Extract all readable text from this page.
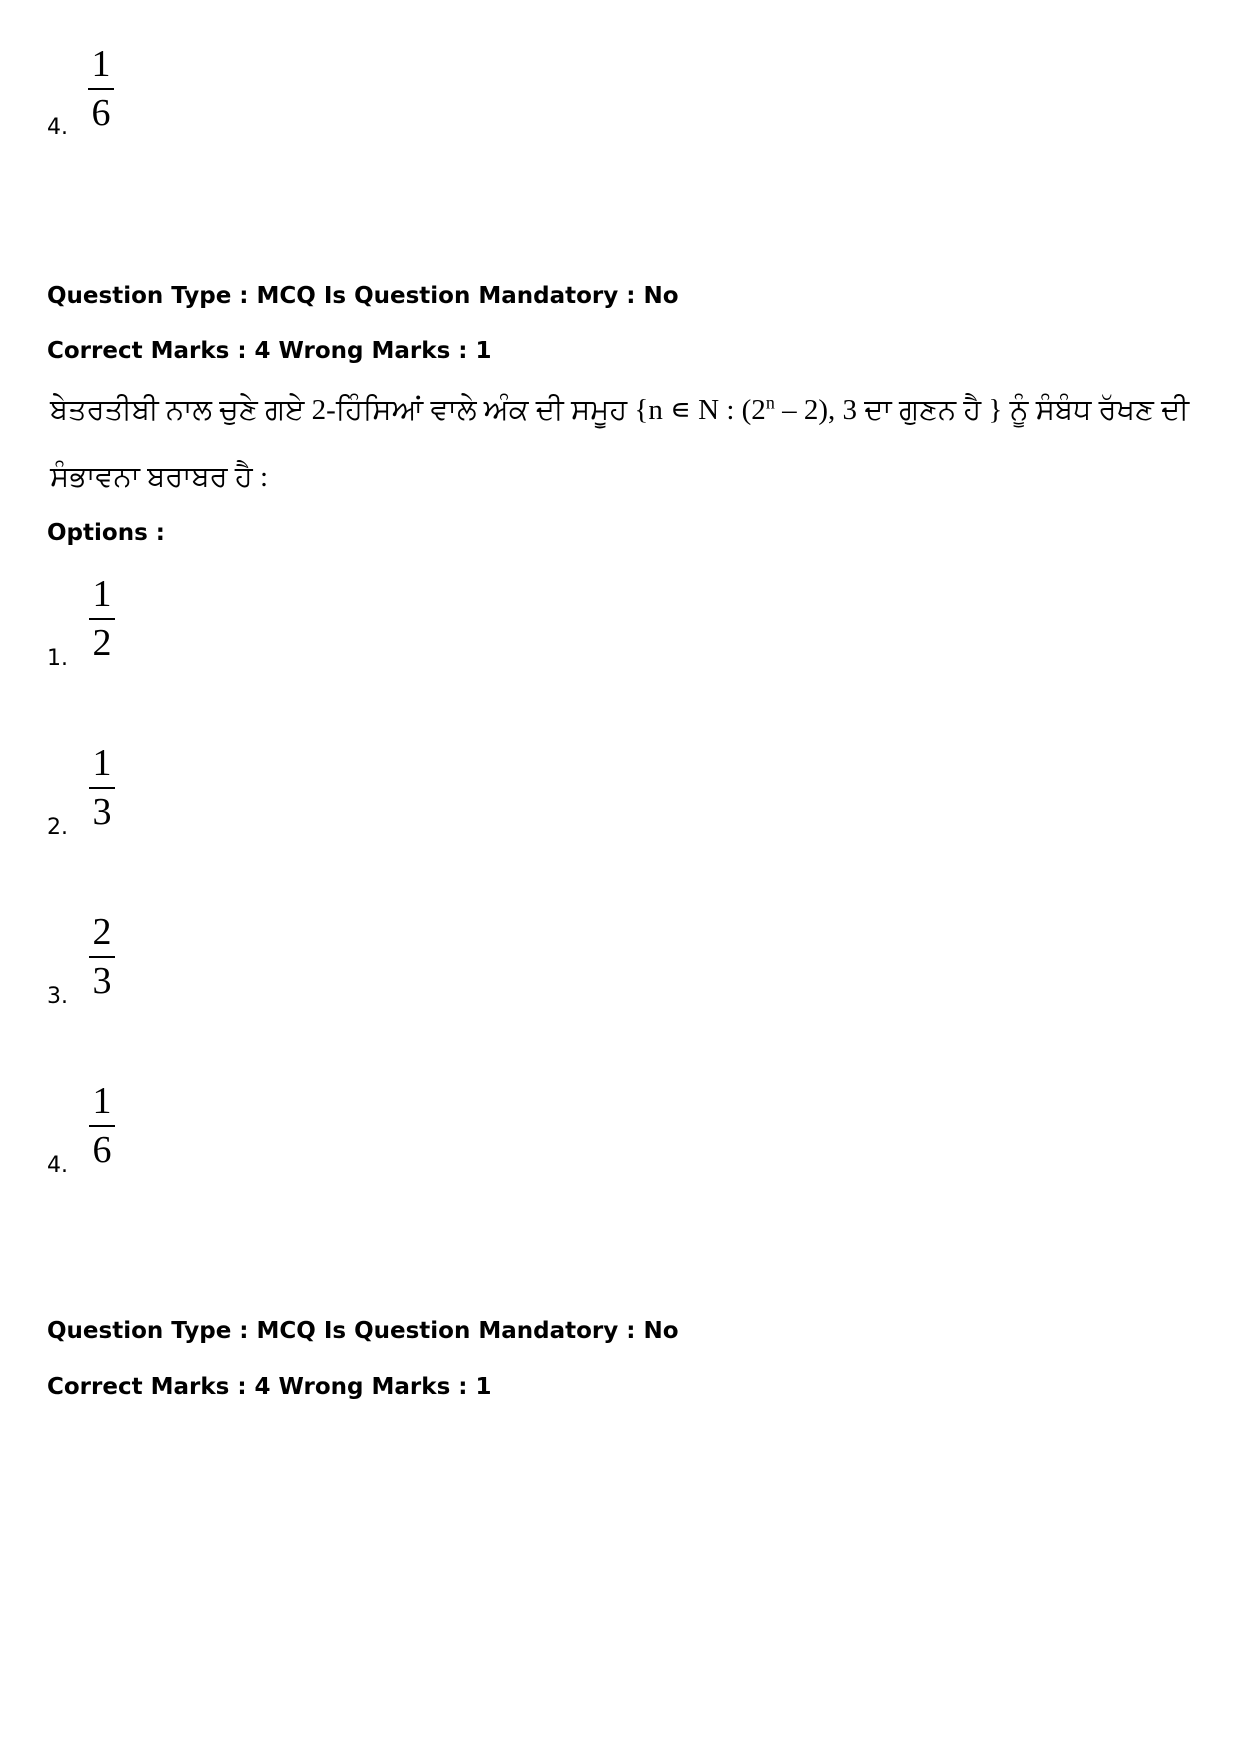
4.
1
6
Question Type : MCQ Is Question Mandatory : No
Correct Marks : 4 Wrong Marks : 1
ਬੇਤਰਤੀਬੀ ਨਾਲ ਚੁਣੇ ਗਏ 2-ਹਿੰਸਿਆਂ ਵਾਲੇ ਅੰਕ ਦੀ ਸਮੂਹ {n ∊ N : (2$^n$ – 2), 3 ਦਾ ਗੁਣਨ ਹੈ } ਨੂੰ ਸੰਬੰਧ ਰੱਖਣ ਦੀ
ਸੰਭਾਵਨਾ ਬਰਾਬਰ ਹੈ :
Options :
1.
1
2
2.
1
3
3.
2
3
4.
1
6
Question Type : MCQ Is Question Mandatory : No
Correct Marks : 4 Wrong Marks : 1
